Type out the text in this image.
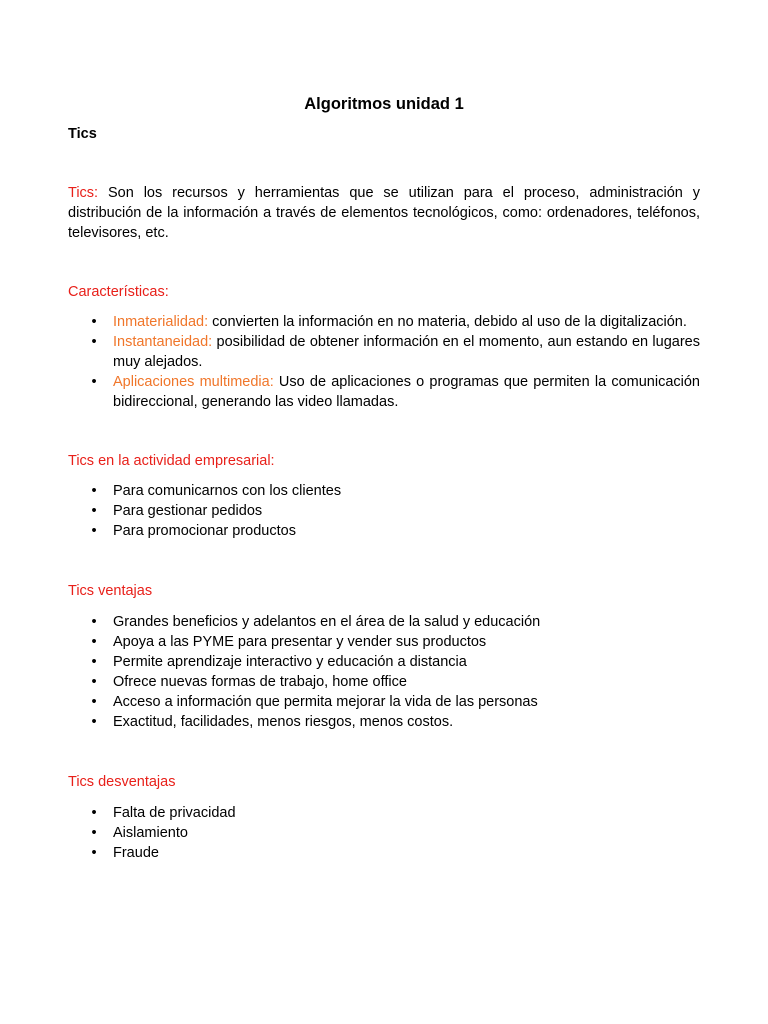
Algoritmos unidad 1
Tics

Tics: Son los recursos y herramientas que se utilizan para el proceso, administración y distribución de la información a través de elementos tecnológicos, como: ordenadores, teléfonos, televisores, etc.

Características:

• Inmaterialidad: convierten la información en no materia, debido al uso de la digitalización.
• Instantaneidad: posibilidad de obtener información en el momento, aun estando en lugares muy alejados.
• Aplicaciones multimedia: Uso de aplicaciones o programas que permiten la comunicación bidireccional, generando las video llamadas.

Tics en la actividad empresarial:

• Para comunicarnos con los clientes
• Para gestionar pedidos
• Para promocionar productos

Tics ventajas

• Grandes beneficios y adelantos en el área de la salud y educación
• Apoya a las PYME para presentar y vender sus productos
• Permite aprendizaje interactivo y educación a distancia
• Ofrece nuevas formas de trabajo, home office
• Acceso a información que permita mejorar la vida de las personas
• Exactitud, facilidades, menos riesgos, menos costos.

Tics desventajas

• Falta de privacidad
• Aislamiento
• Fraude
